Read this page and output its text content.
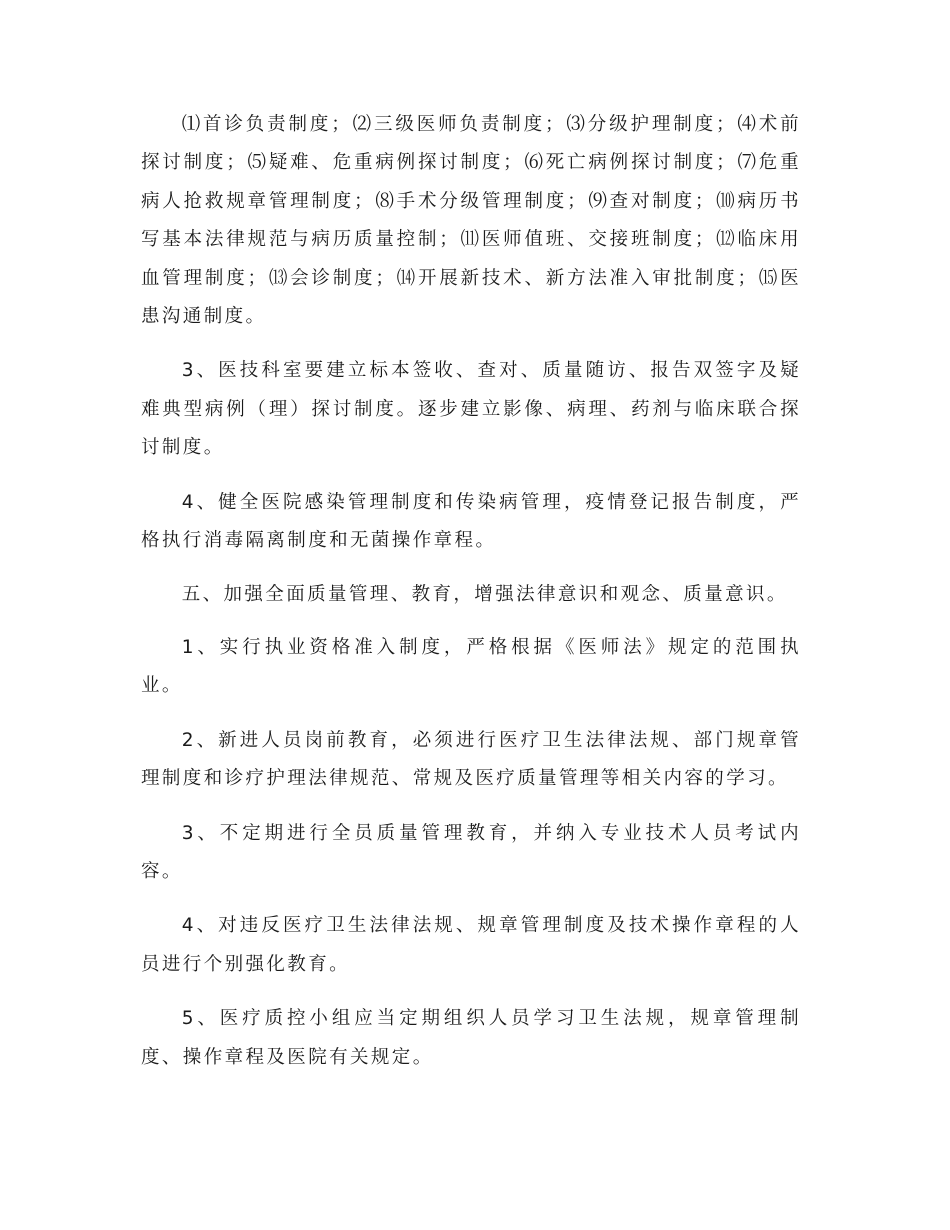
⑴首诊负责制度；⑵三级医师负责制度；⑶分级护理制度；⑷术前探讨制度；⑸疑难、危重病例探讨制度；⑹死亡病例探讨制度；⑺危重病人抢救规章管理制度；⑻手术分级管理制度；⑼查对制度；⑽病历书写基本法律规范与病历质量控制；⑾医师值班、交接班制度；⑿临床用血管理制度；⒀会诊制度；⒁开展新技术、新方法准入审批制度；⒂医患沟通制度。

3、医技科室要建立标本签收、查对、质量随访、报告双签字及疑难典型病例（理）探讨制度。逐步建立影像、病理、药剂与临床联合探讨制度。

4、健全医院感染管理制度和传染病管理，疫情登记报告制度，严格执行消毒隔离制度和无菌操作章程。

五、加强全面质量管理、教育，增强法律意识和观念、质量意识。

1、实行执业资格准入制度，严格根据《医师法》规定的范围执业。

2、新进人员岗前教育，必须进行医疗卫生法律法规、部门规章管理制度和诊疗护理法律规范、常规及医疗质量管理等相关内容的学习。

3、不定期进行全员质量管理教育，并纳入专业技术人员考试内容。

4、对违反医疗卫生法律法规、规章管理制度及技术操作章程的人员进行个别强化教育。

5、医疗质控小组应当定期组织人员学习卫生法规，规章管理制度、操作章程及医院有关规定。
